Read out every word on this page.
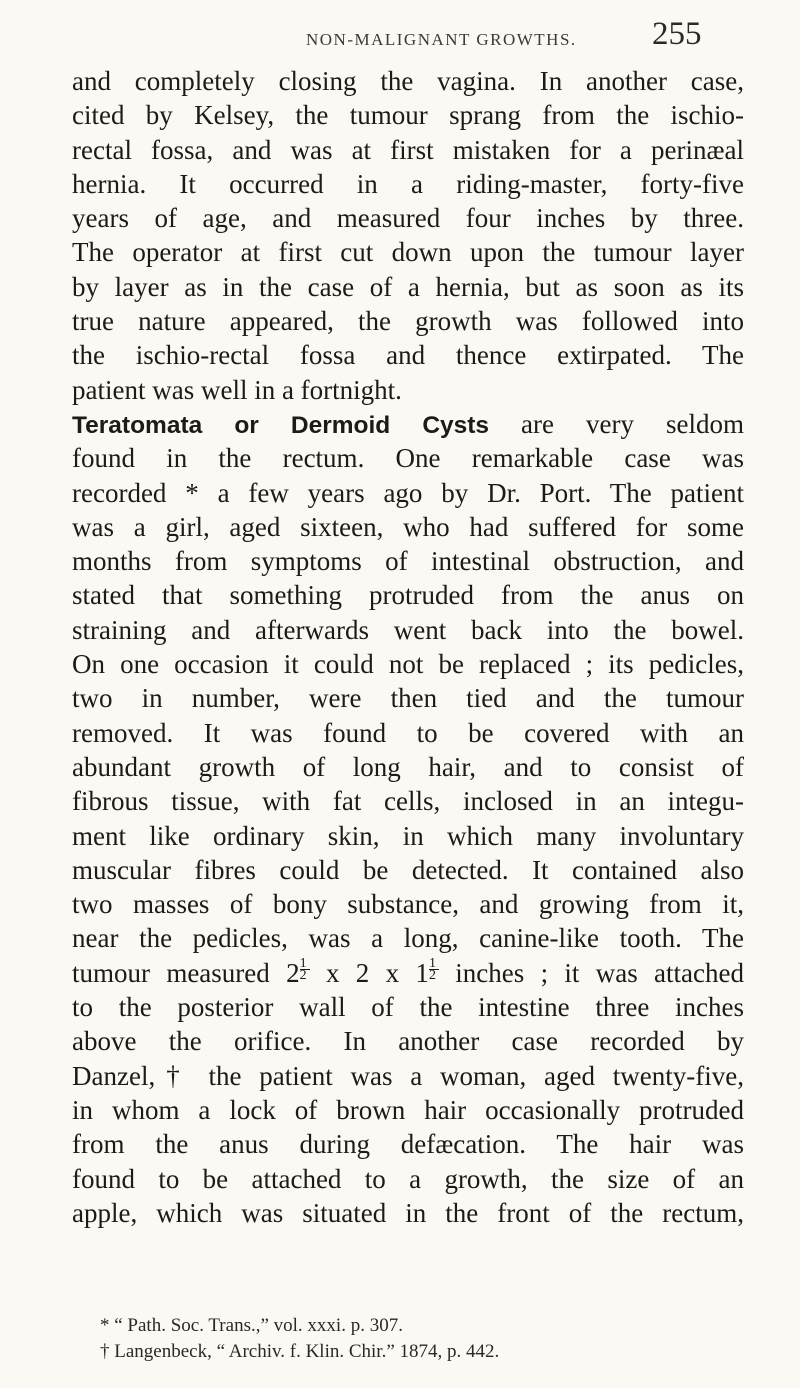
NON-MALIGNANT GROWTHS. 255
and completely closing the vagina. In another case,
cited by Kelsey, the tumour sprang from the ischio-
rectal fossa, and was at first mistaken for a perinæal
hernia. It occurred in a riding-master, forty-five
years of age, and measured four inches by three.
The operator at first cut down upon the tumour layer
by layer as in the case of a hernia, but as soon as its
true nature appeared, the growth was followed into
the ischio-rectal fossa and thence extirpated. The
patient was well in a fortnight.
Teratomata or Dermoid Cysts are very seldom
found in the rectum. One remarkable case was
recorded * a few years ago by Dr. Port. The patient
was a girl, aged sixteen, who had suffered for some
months from symptoms of intestinal obstruction, and
stated that something protruded from the anus on
straining and afterwards went back into the bowel.
On one occasion it could not be replaced ; its pedicles,
two in number, were then tied and the tumour
removed. It was found to be covered with an
abundant growth of long hair, and to consist of
fibrous tissue, with fat cells, inclosed in an integu-
ment like ordinary skin, in which many involuntary
muscular fibres could be detected. It contained also
two masses of bony substance, and growing from it,
near the pedicles, was a long, canine-like tooth. The
tumour measured $2 \frac{1}{2}$ x 2 x $1 \frac{1}{2}$ inches ; it was attached
to the posterior wall of the intestine three inches
above the orifice. In another case recorded by
Danzel,† the patient was a woman, aged twenty-five,
in whom a lock of brown hair occasionally protruded
from the anus during defæcation. The hair was
found to be attached to a growth, the size of an
apple, which was situated in the front of the rectum,
* “ Path. Soc. Trans.,” vol. xxxi. p. 307.
† Langenbeck, “ Archiv. f. Klin. Chir.” 1874, p. 442.
